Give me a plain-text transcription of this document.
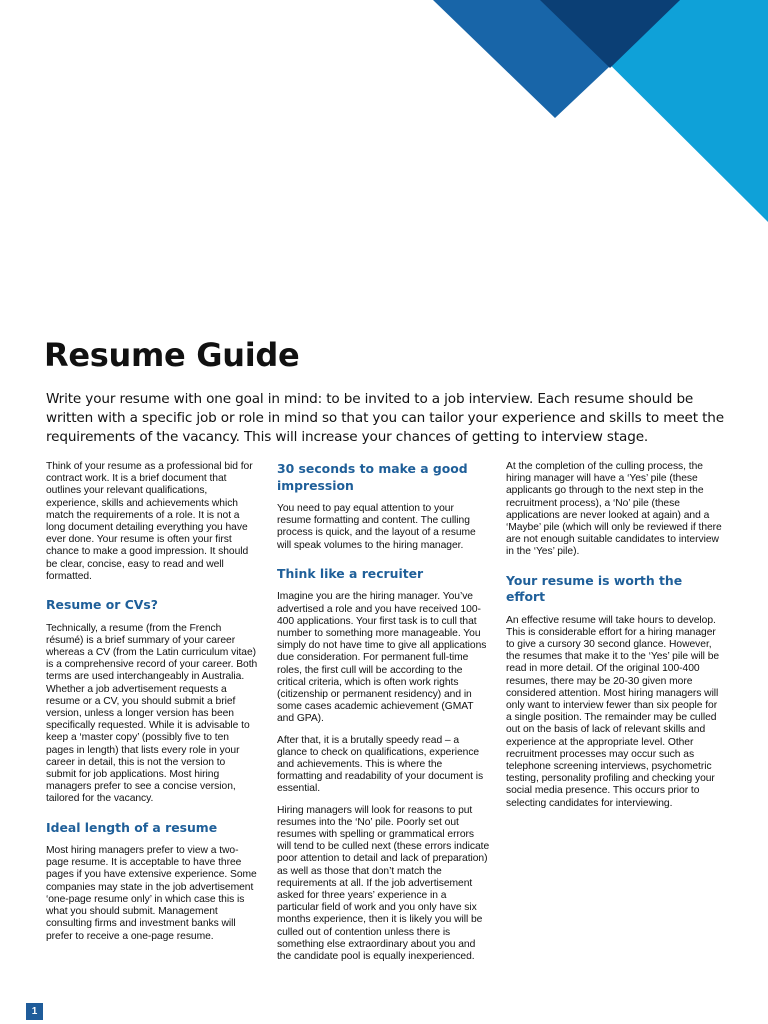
Resume Guide

Write your resume with one goal in mind: to be invited to a job interview. Each resume should be written with a specific job or role in mind so that you can tailor your experience and skills to meet the requirements of the vacancy. This will increase your chances of getting to interview stage.

Think of your resume as a professional bid for contract work. It is a brief document that outlines your relevant qualifications, experience, skills and achievements which match the requirements of a role. It is not a long document detailing everything you have ever done. Your resume is often your first chance to make a good impression. It should be clear, concise, easy to read and well formatted.

Resume or CVs?

Technically, a resume (from the French résumé) is a brief summary of your career whereas a CV (from the Latin curriculum vitae) is a comprehensive record of your career. Both terms are used interchangeably in Australia. Whether a job advertisement requests a resume or a CV, you should submit a brief version, unless a longer version has been specifically requested. While it is advisable to keep a ‘master copy’ (possibly five to ten pages in length) that lists every role in your career in detail, this is not the version to submit for job applications. Most hiring managers prefer to see a concise version, tailored for the vacancy.

Ideal length of a resume

Most hiring managers prefer to view a two-page resume. It is acceptable to have three pages if you have extensive experience. Some companies may state in the job advertisement ‘one-page resume only’ in which case this is what you should submit. Management consulting firms and investment banks will prefer to receive a one-page resume.

30 seconds to make a good impression

You need to pay equal attention to your resume formatting and content. The culling process is quick, and the layout of a resume will speak volumes to the hiring manager.

Think like a recruiter

Imagine you are the hiring manager. You’ve advertised a role and you have received 100-400 applications. Your first task is to cull that number to something more manageable. You simply do not have time to give all applications due consideration. For permanent full-time roles, the first cull will be according to the critical criteria, which is often work rights (citizenship or permanent residency) and in some cases academic achievement (GMAT and GPA).

After that, it is a brutally speedy read – a glance to check on qualifications, experience and achievements. This is where the formatting and readability of your document is essential.

Hiring managers will look for reasons to put resumes into the ‘No’ pile. Poorly set out resumes with spelling or grammatical errors will tend to be culled next (these errors indicate poor attention to detail and lack of preparation) as well as those that don’t match the requirements at all. If the job advertisement asked for three years’ experience in a particular field of work and you only have six months experience, then it is likely you will be culled out of contention unless there is something else extraordinary about you and the candidate pool is equally inexperienced.

At the completion of the culling process, the hiring manager will have a ‘Yes’ pile (these applicants go through to the next step in the recruitment process), a ‘No’ pile (these applications are never looked at again) and a ‘Maybe’ pile (which will only be reviewed if there are not enough suitable candidates to interview in the ‘Yes’ pile).

Your resume is worth the effort

An effective resume will take hours to develop. This is considerable effort for a hiring manager to give a cursory 30 second glance. However, the resumes that make it to the ‘Yes’ pile will be read in more detail. Of the original 100-400 resumes, there may be 20-30 given more considered attention. Most hiring managers will only want to interview fewer than six people for a single position. The remainder may be culled out on the basis of lack of relevant skills and experience at the appropriate level. Other recruitment processes may occur such as telephone screening interviews, psychometric testing, personality profiling and checking your social media presence. This occurs prior to selecting candidates for interviewing.

1
